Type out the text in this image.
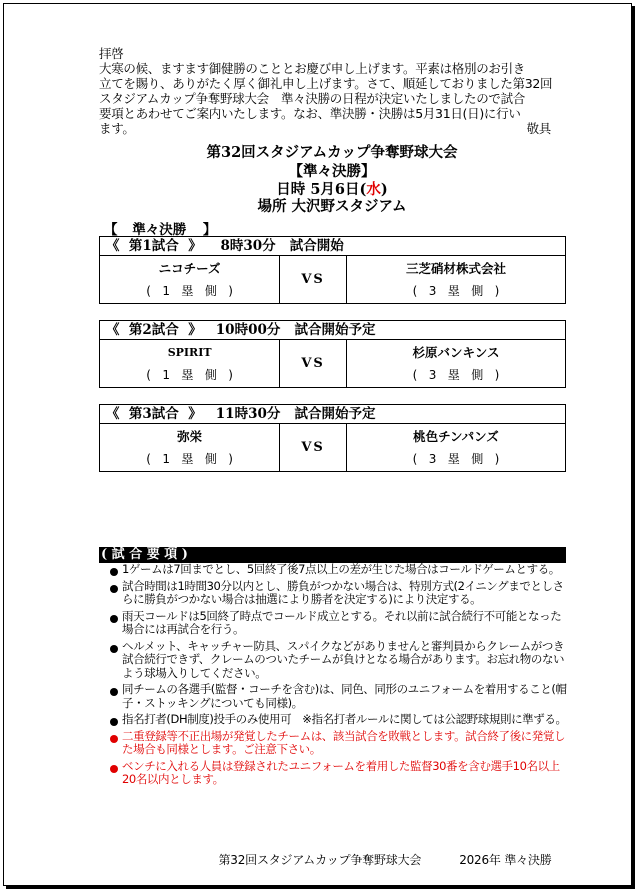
拝啓

大寒の候、ますます御健勝のこととお慶び申し上げます。平素は格別のお引き

立てを賜り、ありがたく厚く御礼申し上げます。さて、順延しておりました第32回

スタジアムカップ争奪野球大会　準々決勝の日程が決定いたしましたので試合

要項とあわせてご案内いたします。なお、準決勝・決勝は5月31日(日)に行い

ます。	敬具

第32回スタジアムカップ争奪野球大会
【準々決勝】
日時 5月6日(水)
場所 大沢野スタジアム
【 準々決勝 】
《  第1試合  》    8時30分   試合開始
ニコチーズ
(   1   塁   側   )
VS
三芝硝材株式会社
(   3   塁   側   )
《  第2試合  》   10時00分   試合開始予定
SPIRIT
(   1   塁   側   )
VS
杉原バンキンス
(   3   塁   側   )
《  第3試合  》   11時30分   試合開始予定
弥栄
(   1   塁   側   )
VS
桃色チンパンズ
(   3   塁   側   )
( 試 合 要 項 )
1ゲームは7回までとし、5回終了後7点以上の差が生じた場合はコールドゲームとする。
試合時間は1時間30分以内とし、勝負がつかない場合は、特別方式(2イニングまでとしさらに勝負がつかない場合は抽選により勝者を決定する)により決定する。
雨天コールドは5回終了時点でコールド成立とする。それ以前に試合続行不可能となった場合には再試合を行う。
ヘルメット、キャッチャー防具、スパイクなどがありませんと審判員からクレームがつき試合続行できず、クレームのついたチームが負けとなる場合があります。お忘れ物のないよう球場入りしてください。
同チームの各選手(監督・コーチを含む)は、同色、同形のユニフォームを着用すること(帽子・ストッキングについても同様)。
指名打者(DH制度)投手のみ使用可　※指名打者ルールに関しては公認野球規則に準ずる。
二重登録等不正出場が発覚したチームは、該当試合を敗戦とします。試合終了後に発覚した場合も同様とします。ご注意下さい。
ベンチに入れる人員は登録されたユニフォームを着用した監督30番を含む選手10名以上20名以内とします。

第32回スタジアムカップ争奪野球大会	2026年 準々決勝
